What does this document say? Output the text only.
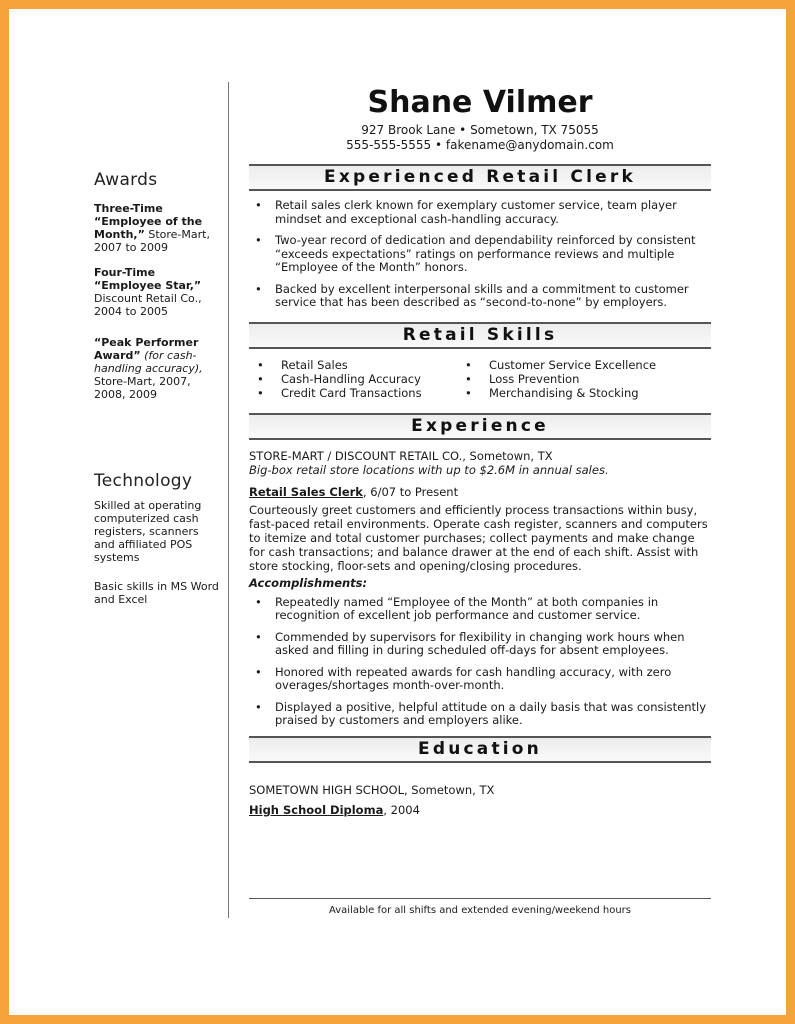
Awards
Three-Time “Employee of the Month,” Store-Mart, 2007 to 2009
Four-Time “Employee Star,” Discount Retail Co., 2004 to 2005
“Peak Performer Award” (for cash-handling accuracy), Store-Mart, 2007, 2008, 2009
Technology
Skilled at operating computerized cash registers, scanners and affiliated POS systems
Basic skills in MS Word and Excel
Shane Vilmer
927 Brook Lane • Sometown, TX 75055
555-555-5555 • fakename@anydomain.com
Experienced Retail Clerk
• Retail sales clerk known for exemplary customer service, team player mindset and exceptional cash-handling accuracy.
• Two-year record of dedication and dependability reinforced by consistent “exceeds expectations” ratings on performance reviews and multiple “Employee of the Month” honors.
• Backed by excellent interpersonal skills and a commitment to customer service that has been described as “second-to-none” by employers.
Retail Skills
• Retail Sales
• Cash-Handling Accuracy
• Credit Card Transactions
• Customer Service Excellence
• Loss Prevention
• Merchandising & Stocking
Experience
STORE-MART / DISCOUNT RETAIL CO., Sometown, TX
Big-box retail store locations with up to $2.6M in annual sales.
Retail Sales Clerk, 6/07 to Present
Courteously greet customers and efficiently process transactions within busy, fast-paced retail environments. Operate cash register, scanners and computers to itemize and total customer purchases; collect payments and make change for cash transactions; and balance drawer at the end of each shift. Assist with store stocking, floor-sets and opening/closing procedures.
Accomplishments:
• Repeatedly named “Employee of the Month” at both companies in recognition of excellent job performance and customer service.
• Commended by supervisors for flexibility in changing work hours when asked and filling in during scheduled off-days for absent employees.
• Honored with repeated awards for cash handling accuracy, with zero overages/shortages month-over-month.
• Displayed a positive, helpful attitude on a daily basis that was consistently praised by customers and employers alike.
Education
SOMETOWN HIGH SCHOOL, Sometown, TX
High School Diploma, 2004
Available for all shifts and extended evening/weekend hours
